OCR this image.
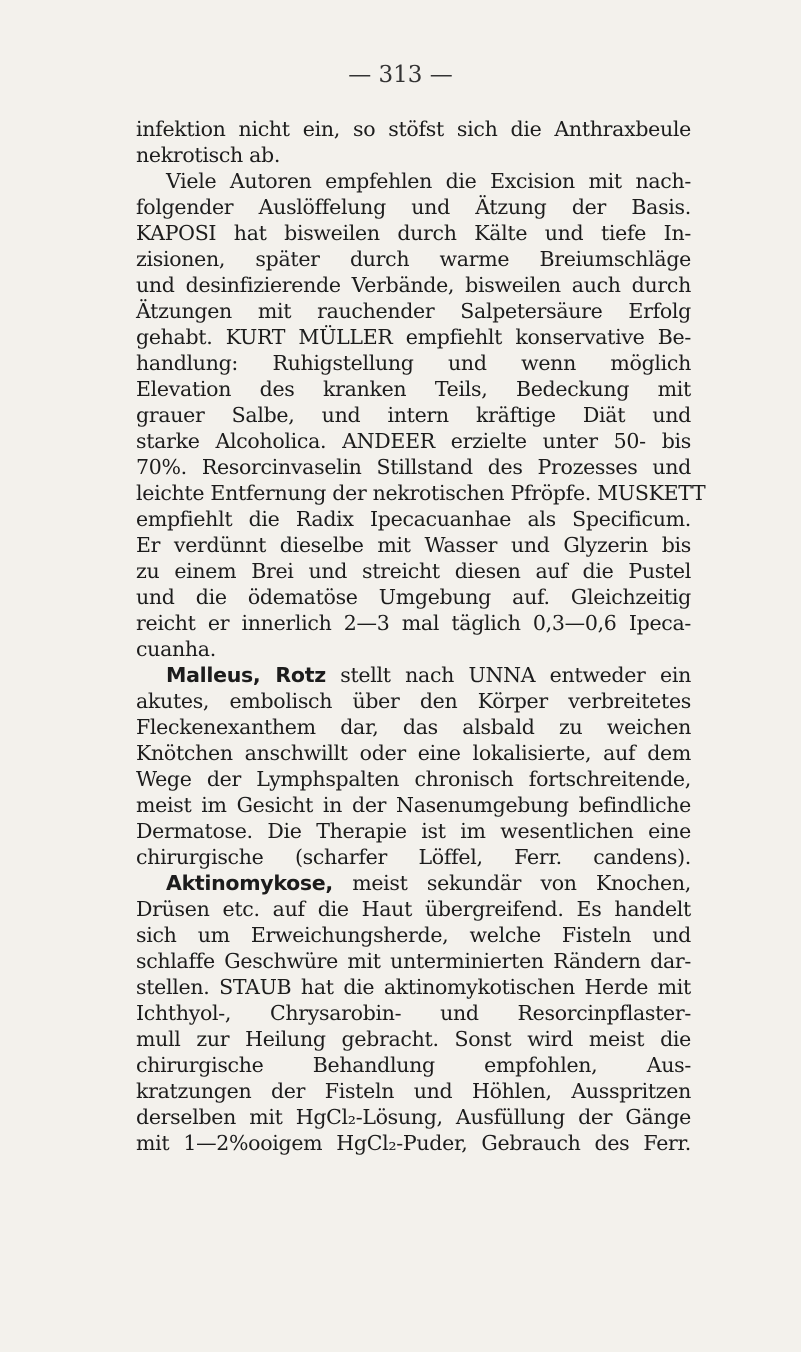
— 313 —
infektion nicht ein, so stöfst sich die Anthraxbeule
nekrotisch ab.
Viele Autoren empfehlen die Excision mit nach-
folgender Auslöffelung und Ätzung der Basis.
KAPOSI hat bisweilen durch Kälte und tiefe In-
zisionen, später durch warme Breiumschläge
und desinfizierende Verbände, bisweilen auch durch
Ätzungen mit rauchender Salpetersäure Erfolg
gehabt. KURT MÜLLER empfiehlt konservative Be-
handlung: Ruhigstellung und wenn möglich
Elevation des kranken Teils, Bedeckung mit
grauer Salbe, und intern kräftige Diät und
starke Alcoholica. ANDEER erzielte unter 50- bis
70%. Resorcinvaselin Stillstand des Prozesses und
leichte Entfernung der nekrotischen Pfröpfe. MUSKETT
empfiehlt die Radix Ipecacuanhae als Specificum.
Er verdünnt dieselbe mit Wasser und Glyzerin bis
zu einem Brei und streicht diesen auf die Pustel
und die ödematöse Umgebung auf. Gleichzeitig
reicht er innerlich 2—3 mal täglich 0,3—0,6 Ipeca-
cuanha.
Malleus, Rotz stellt nach UNNA entweder ein
akutes, embolisch über den Körper verbreitetes
Fleckenexanthem dar, das alsbald zu weichen
Knötchen anschwillt oder eine lokalisierte, auf dem
Wege der Lymphspalten chronisch fortschreitende,
meist im Gesicht in der Nasenumgebung befindliche
Dermatose. Die Therapie ist im wesentlichen eine
chirurgische (scharfer Löffel, Ferr. candens).
Aktinomykose, meist sekundär von Knochen,
Drüsen etc. auf die Haut übergreifend. Es handelt
sich um Erweichungsherde, welche Fisteln und
schlaffe Geschwüre mit unterminierten Rändern dar-
stellen. STAUB hat die aktinomykotischen Herde mit
Ichthyol-, Chrysarobin- und Resorcinpflaster-
mull zur Heilung gebracht. Sonst wird meist die
chirurgische Behandlung empfohlen, Aus-
kratzungen der Fisteln und Höhlen, Ausspritzen
derselben mit HgCl₂-Lösung, Ausfüllung der Gänge
mit 1—2%ooigem HgCl₂-Puder, Gebrauch des Ferr.
